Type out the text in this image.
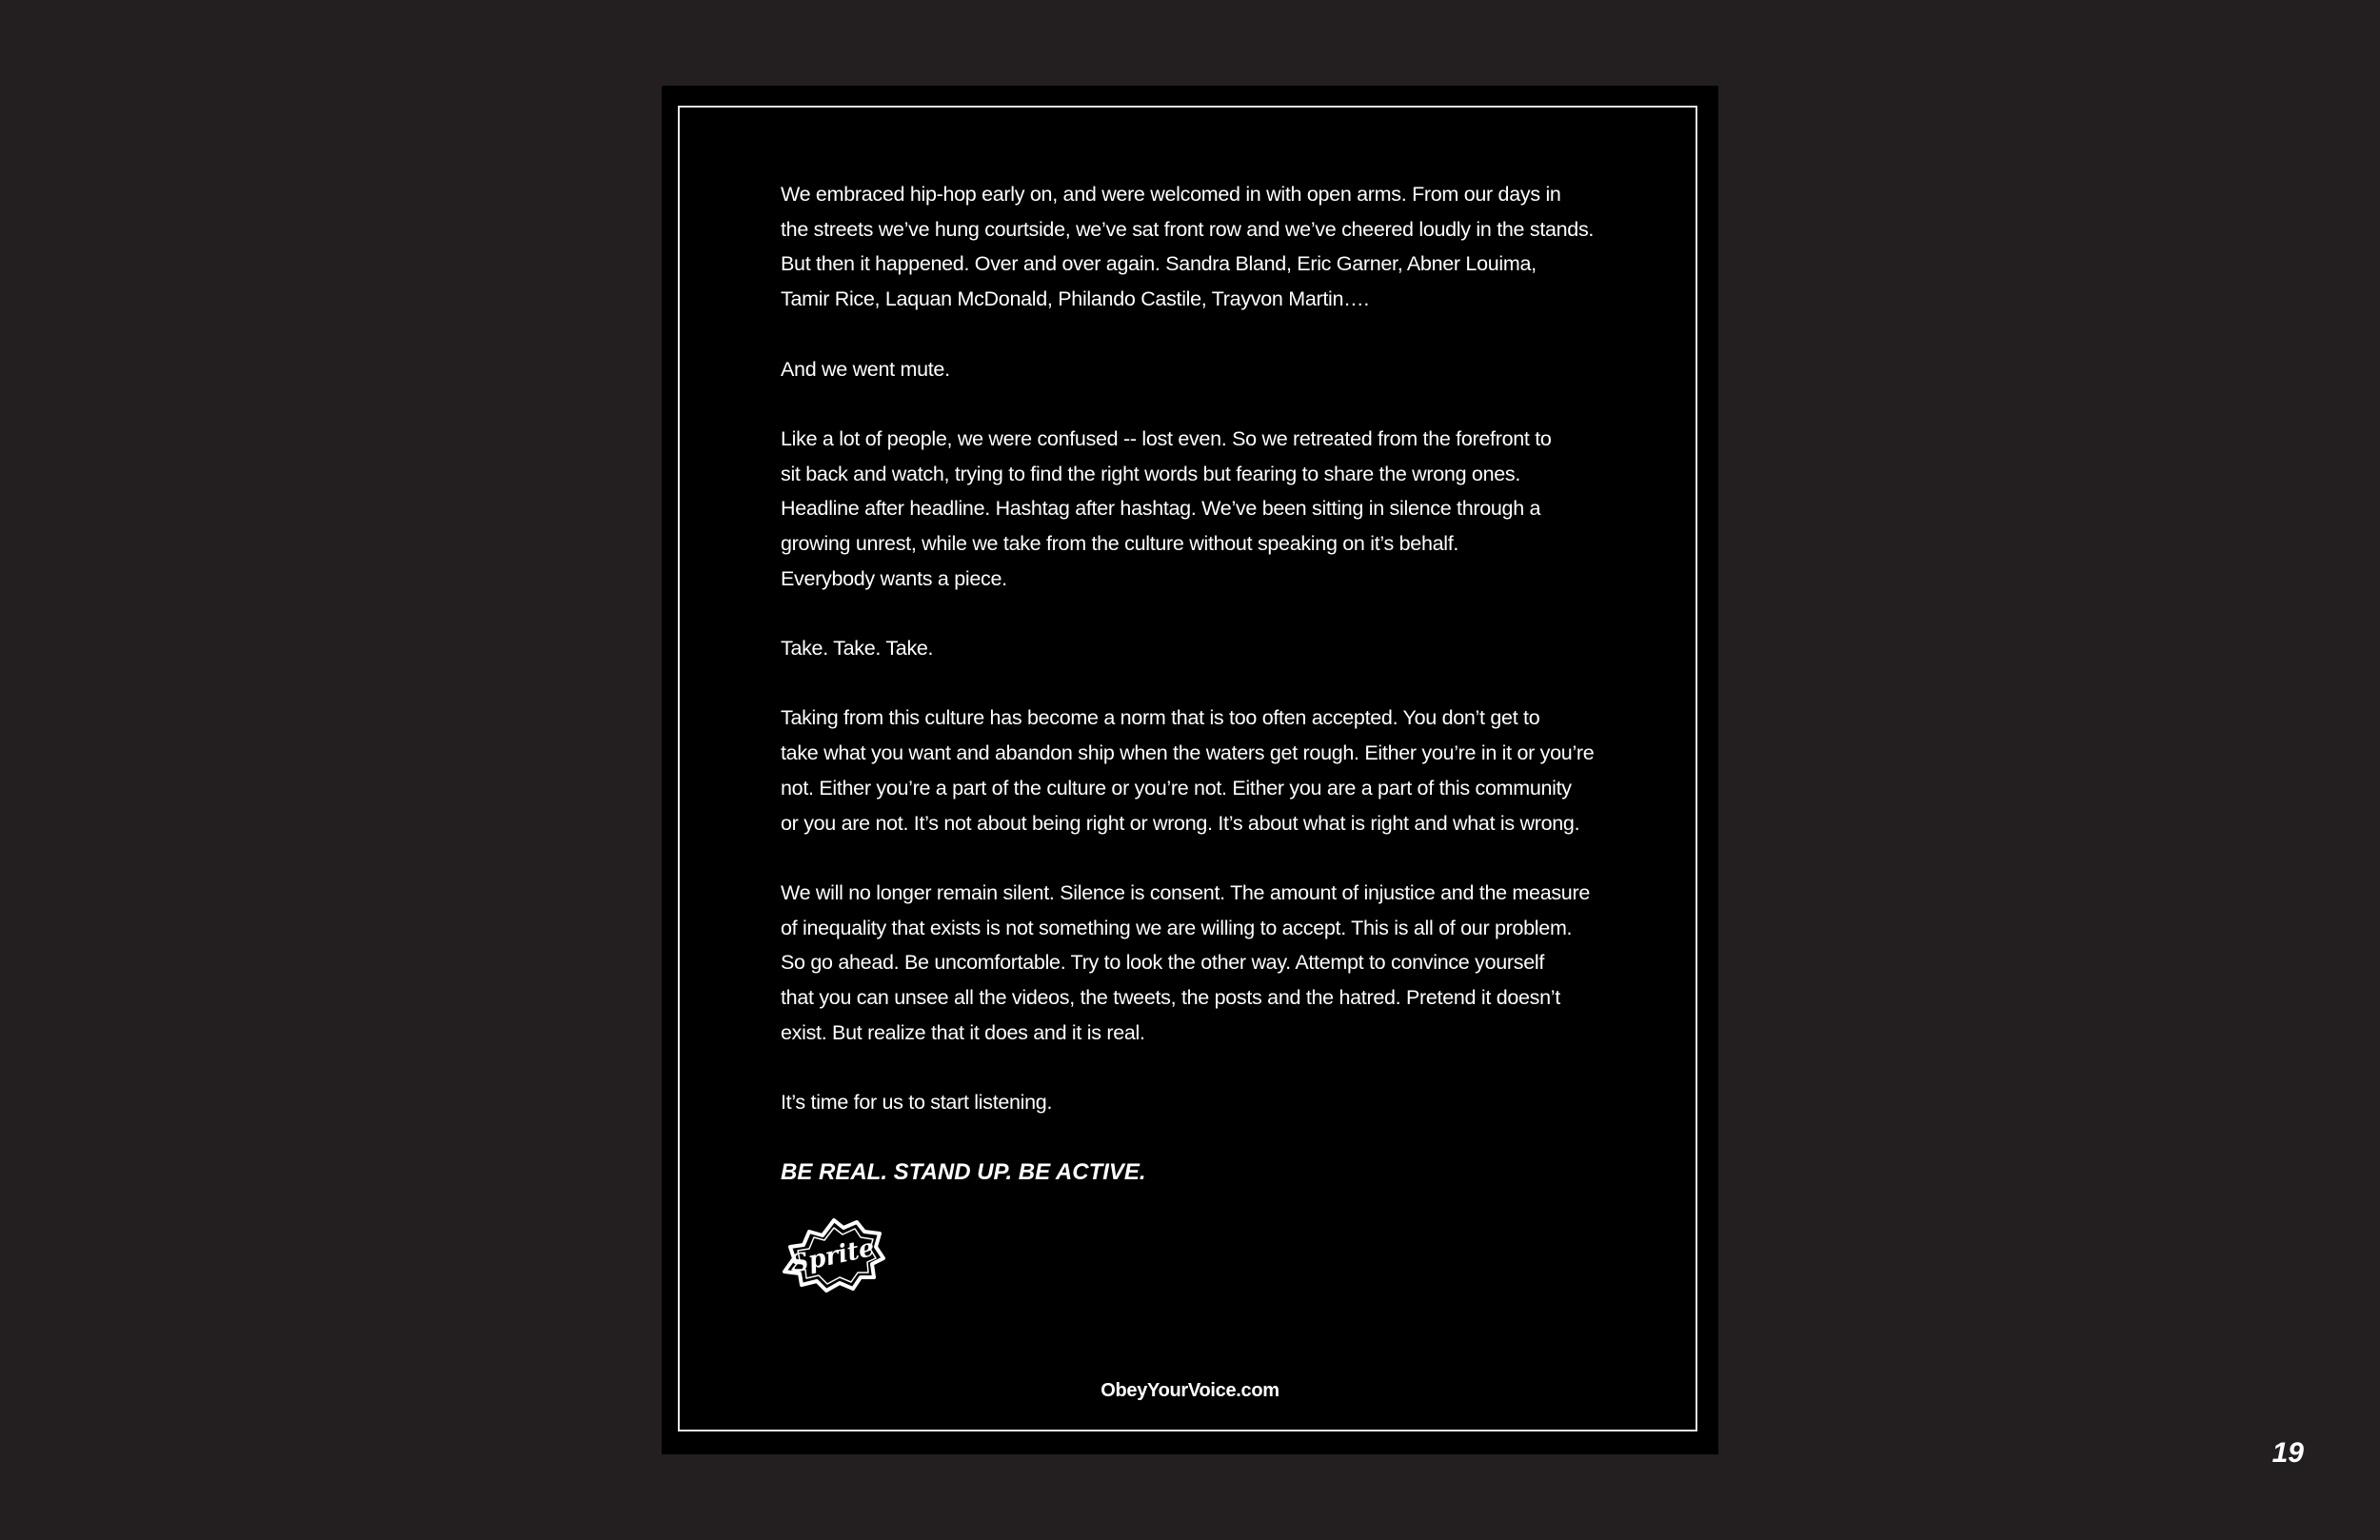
We embraced hip-hop early on, and were welcomed in with open arms. From our days in
the streets we’ve hung courtside, we’ve sat front row and we’ve cheered loudly in the stands.
But then it happened. Over and over again. Sandra Bland, Eric Garner, Abner Louima,
Tamir Rice, Laquan McDonald, Philando Castile, Trayvon Martin….

And we went mute.

Like a lot of people, we were confused -- lost even. So we retreated from the forefront to
sit back and watch, trying to find the right words but fearing to share the wrong ones.
Headline after headline. Hashtag after hashtag. We’ve been sitting in silence through a
growing unrest, while we take from the culture without speaking on it’s behalf.
Everybody wants a piece.

Take. Take. Take.

Taking from this culture has become a norm that is too often accepted. You don’t get to
take what you want and abandon ship when the waters get rough. Either you’re in it or you’re
not. Either you’re a part of the culture or you’re not. Either you are a part of this community
or you are not. It’s not about being right or wrong. It’s about what is right and what is wrong.

We will no longer remain silent. Silence is consent. The amount of injustice and the measure
of inequality that exists is not something we are willing to accept. This is all of our problem.
So go ahead. Be uncomfortable. Try to look the other way. Attempt to convince yourself
that you can unsee all the videos, the tweets, the posts and the hatred. Pretend it doesn’t
exist. But realize that it does and it is real.

It’s time for us to start listening.

BE REAL. STAND UP. BE ACTIVE.

Sprite
ObeyYourVoice.com
19
